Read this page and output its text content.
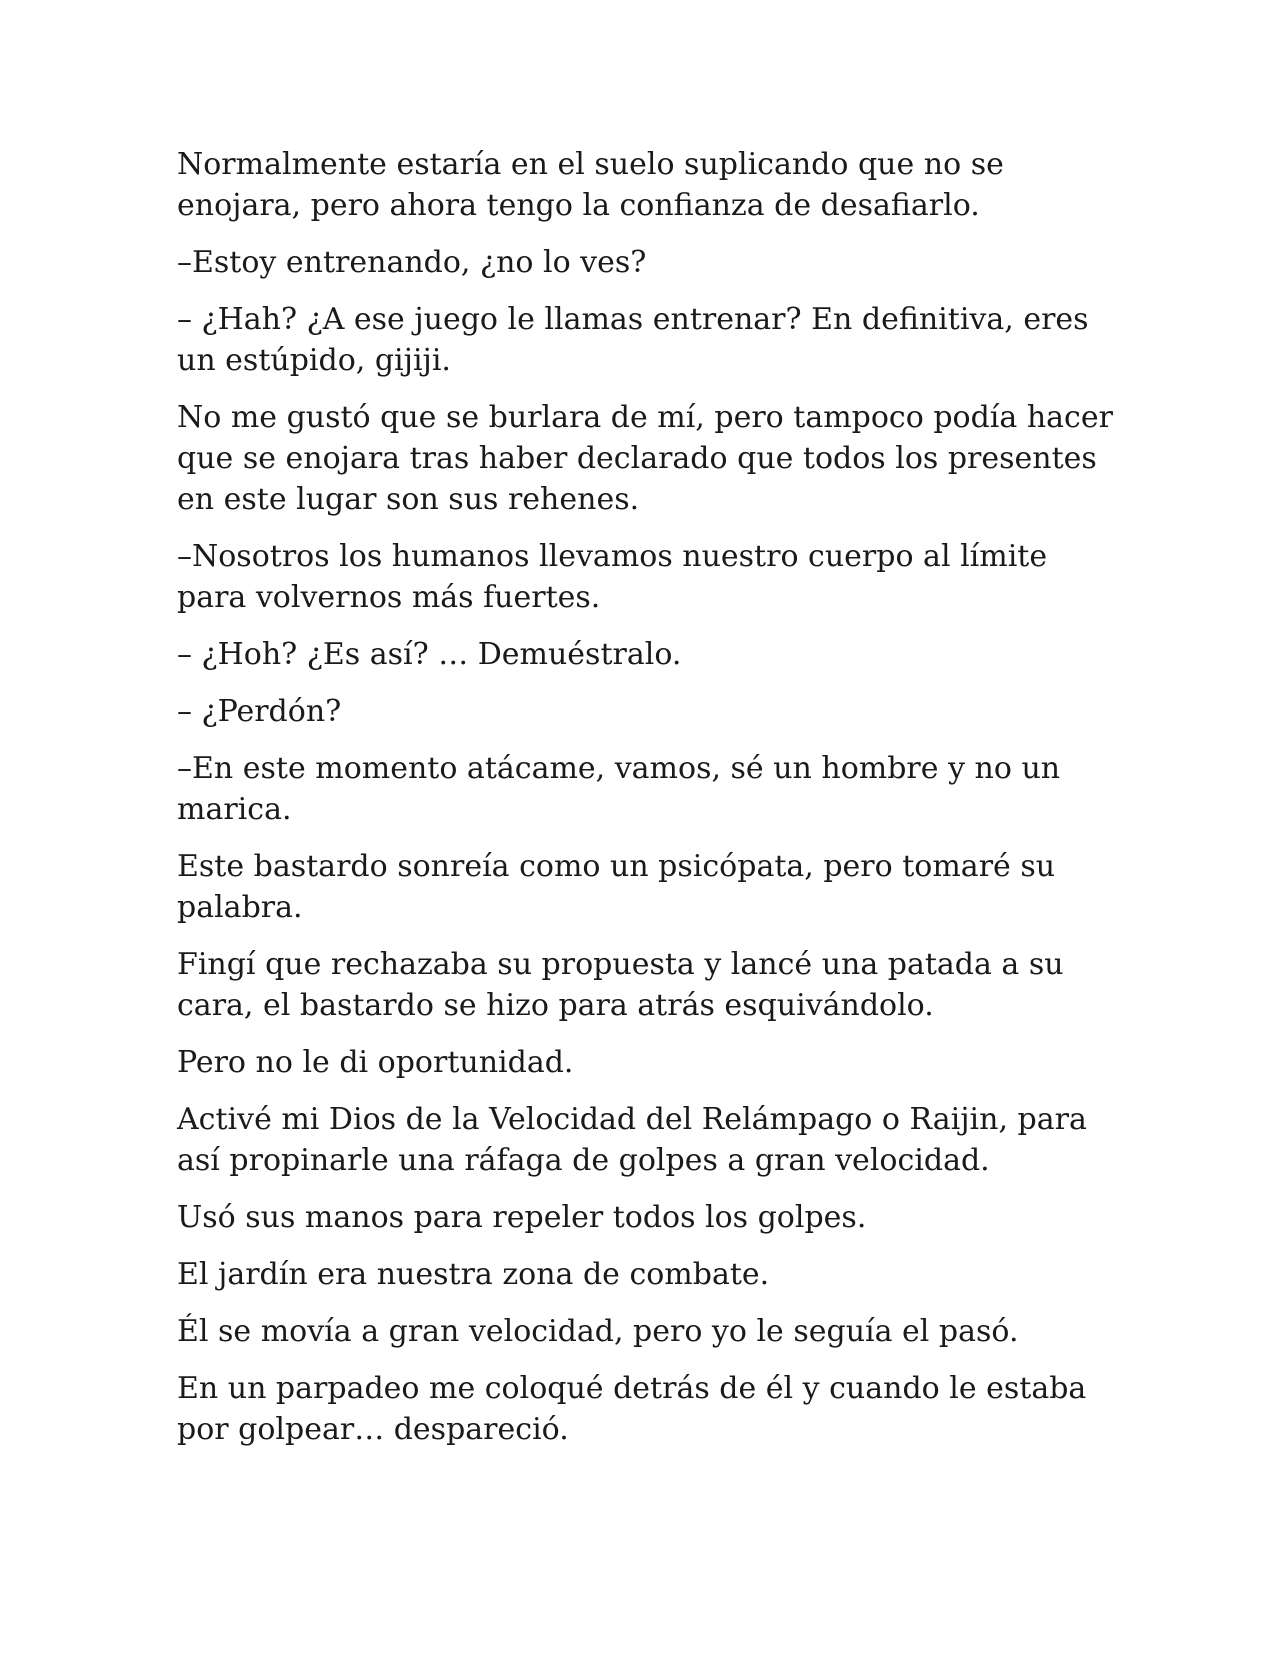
Normalmente estaría en el suelo suplicando que no se enojara, pero ahora tengo la confianza de desafiarlo.

–Estoy entrenando, ¿no lo ves?

– ¿Hah? ¿A ese juego le llamas entrenar? En definitiva, eres un estúpido, gijiji.

No me gustó que se burlara de mí, pero tampoco podía hacer que se enojara tras haber declarado que todos los presentes en este lugar son sus rehenes.

–Nosotros los humanos llevamos nuestro cuerpo al límite para volvernos más fuertes.

– ¿Hoh? ¿Es así? … Demuéstralo.

– ¿Perdón?

–En este momento atácame, vamos, sé un hombre y no un marica.

Este bastardo sonreía como un psicópata, pero tomaré su palabra.

Fingí que rechazaba su propuesta y lancé una patada a su cara, el bastardo se hizo para atrás esquivándolo.

Pero no le di oportunidad.

Activé mi Dios de la Velocidad del Relámpago o Raijin, para así propinarle una ráfaga de golpes a gran velocidad.

Usó sus manos para repeler todos los golpes.

El jardín era nuestra zona de combate.

Él se movía a gran velocidad, pero yo le seguía el pasó.

En un parpadeo me coloqué detrás de él y cuando le estaba por golpear… despareció.
